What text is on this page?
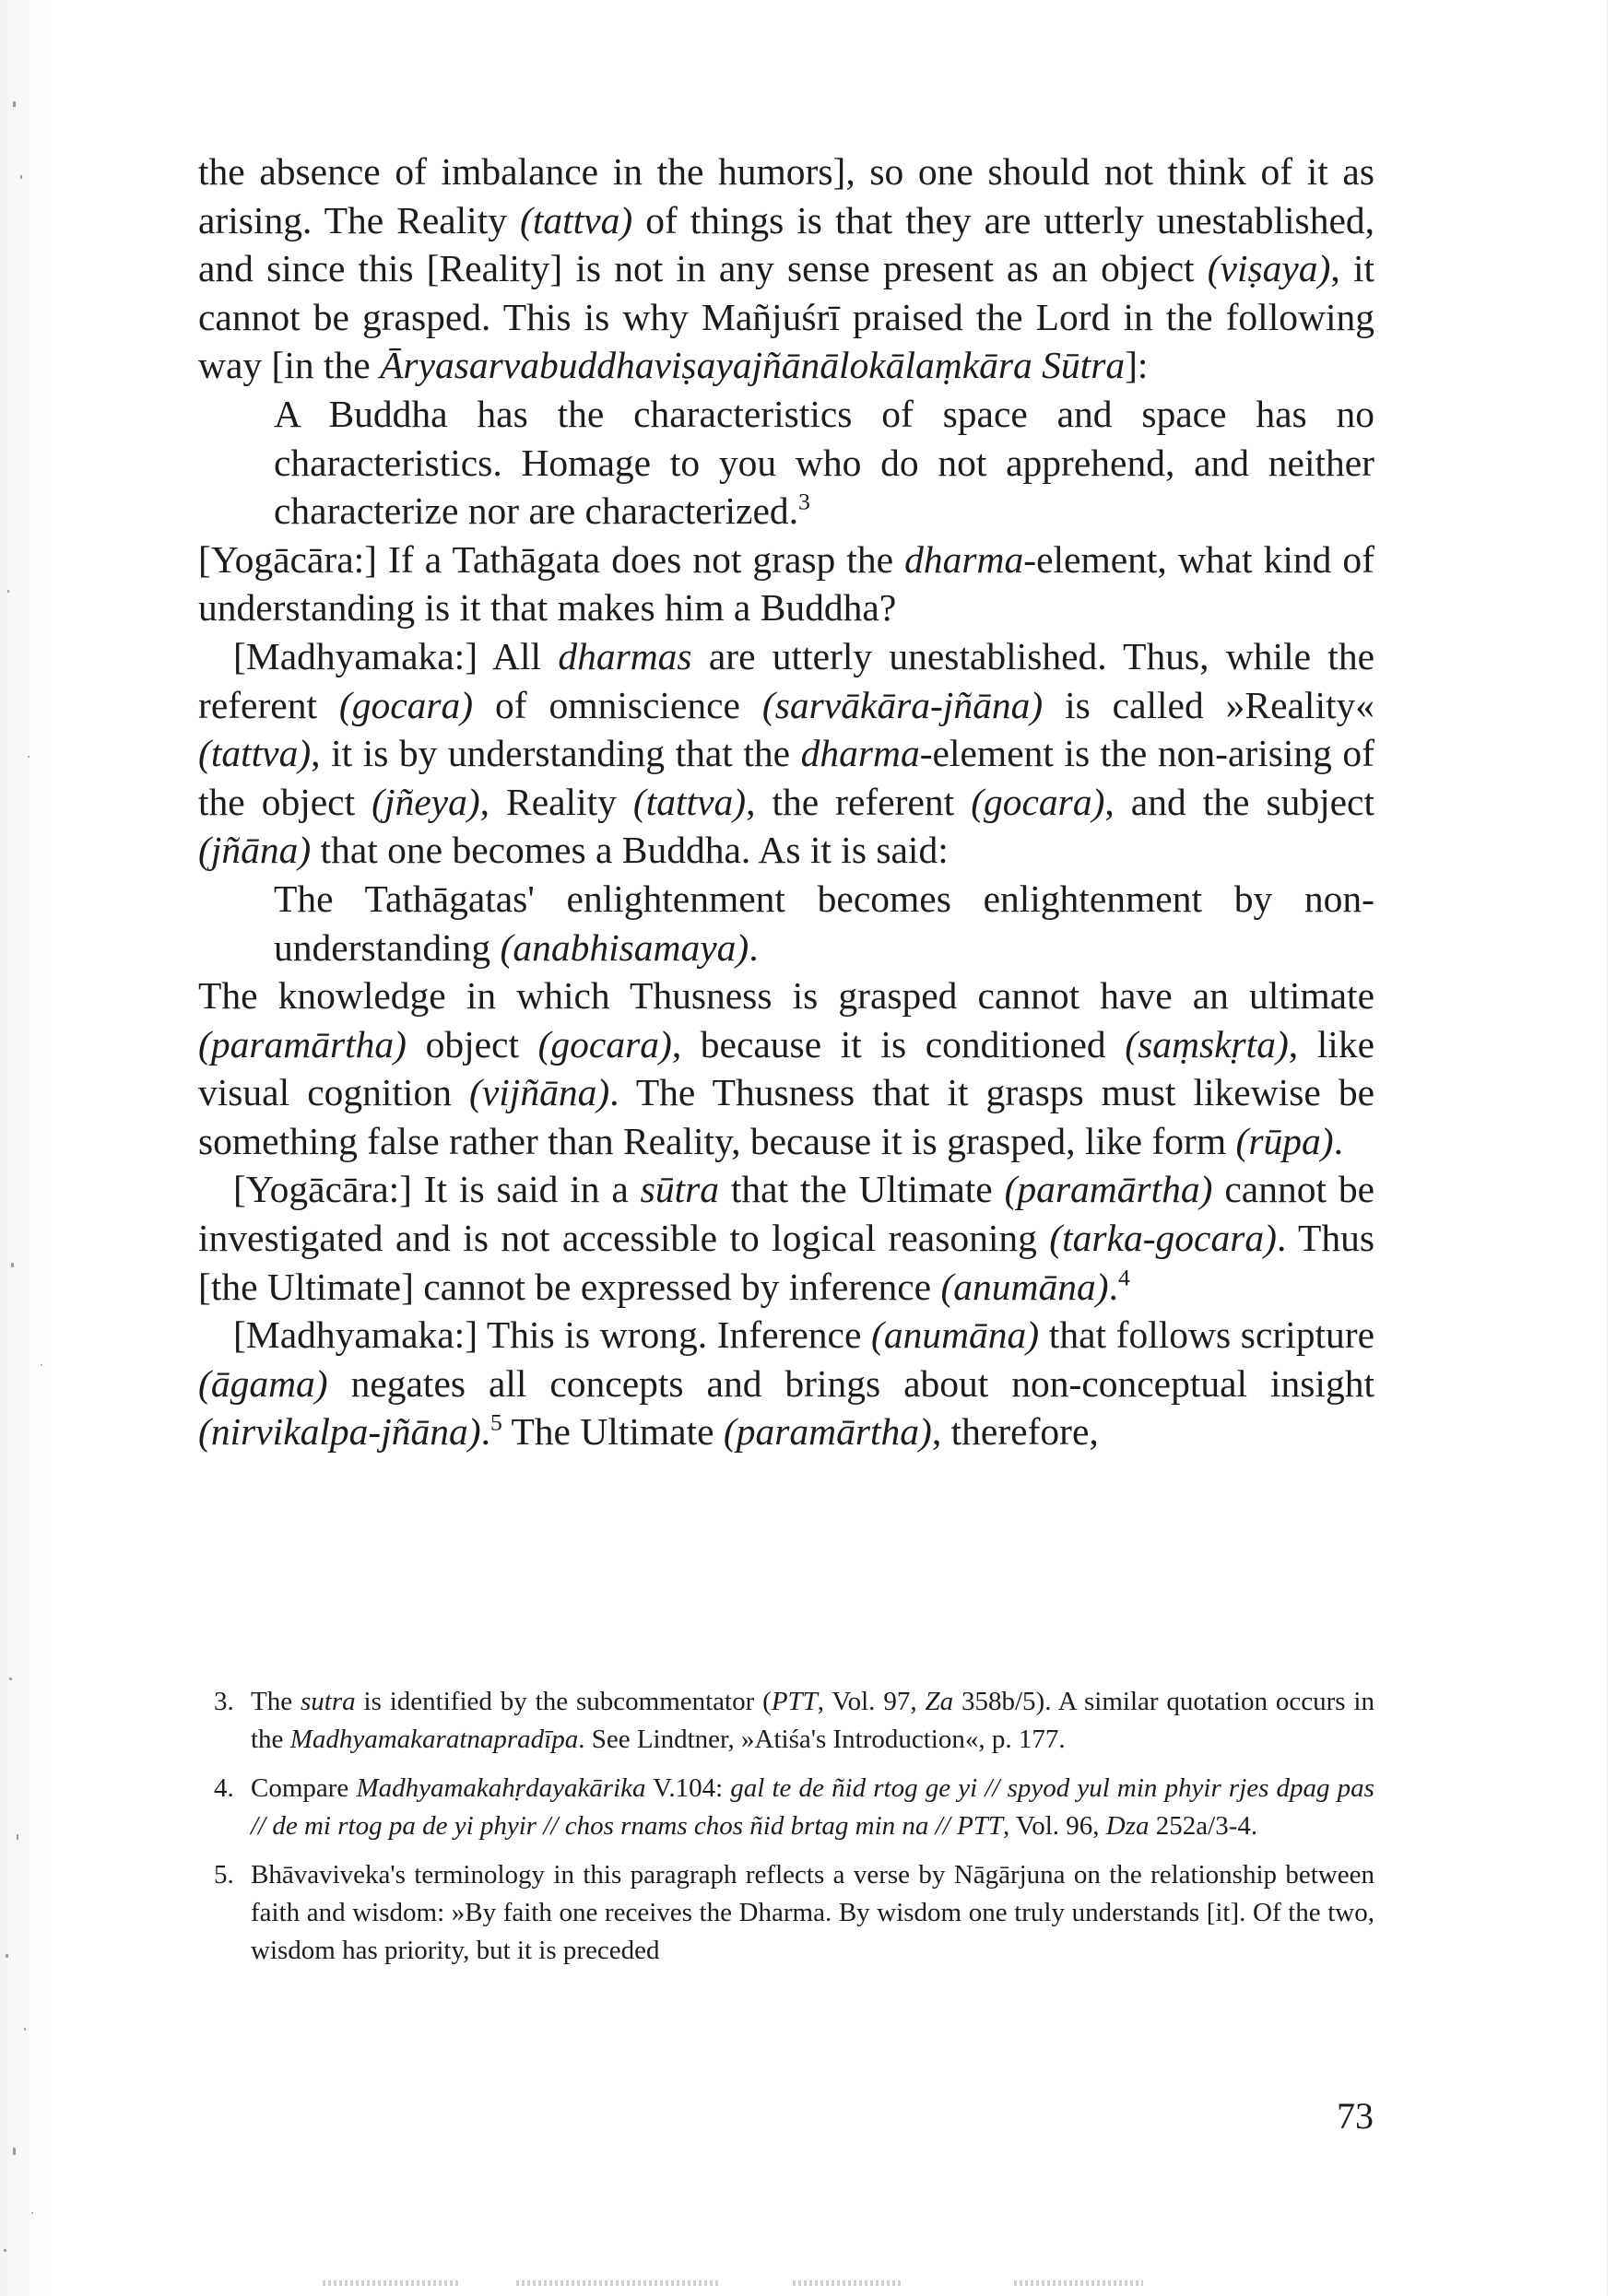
the absence of imbalance in the humors], so one should not think of it as arising. The Reality (tattva) of things is that they are utterly unestablished, and since this [Reality] is not in any sense present as an object (viṣaya), it cannot be grasped. This is why Mañjuśrī praised the Lord in the following way [in the Āryasarvabuddhaviṣayajñānālokālaṃkāra Sūtra]:

A Buddha has the characteristics of space and space has no characteristics. Homage to you who do not apprehend, and neither characterize nor are characterized.$^3$

[Yogācāra:] If a Tathāgata does not grasp the dharma-element, what kind of understanding is it that makes him a Buddha?

[Madhyamaka:] All dharmas are utterly unestablished. Thus, while the referent (gocara) of omniscience (sarvākāra-jñāna) is called »Reality« (tattva), it is by understanding that the dharma-element is the non-arising of the object (jñeya), Reality (tattva), the referent (gocara), and the subject (jñāna) that one becomes a Buddha. As it is said:

The Tathāgatas' enlightenment becomes enlightenment by non-understanding (anabhisamaya).

The knowledge in which Thusness is grasped cannot have an ultimate (paramārtha) object (gocara), because it is conditioned (saṃskṛta), like visual cognition (vijñāna). The Thusness that it grasps must likewise be something false rather than Reality, because it is grasped, like form (rūpa).

[Yogācāra:] It is said in a sūtra that the Ultimate (paramārtha) cannot be investigated and is not accessible to logical reasoning (tarka-gocara). Thus [the Ultimate] cannot be expressed by inference (anumāna).$^4$

[Madhyamaka:] This is wrong. Inference (anumāna) that follows scripture (āgama) negates all concepts and brings about non-conceptual insight (nirvikalpa-jñāna).$^5$ The Ultimate (paramārtha), therefore,

3. The sutra is identified by the subcommentator (PTT, Vol. 97, Za 358b/5). A similar quotation occurs in the Madhyamakaratnapradīpa. See Lindtner, »Atiśa's Introduction«, p. 177.
4. Compare Madhyamakahṛdayakārika V.104: gal te de ñid rtog ge yi // spyod yul min phyir rjes dpag pas // de mi rtog pa de yi phyir // chos rnams chos ñid brtag min na // PTT, Vol. 96, Dza 252a/3-4.
5. Bhāvaviveka's terminology in this paragraph reflects a verse by Nāgārjuna on the relationship between faith and wisdom: »By faith one receives the Dharma. By wisdom one truly understands [it]. Of the two, wisdom has priority, but it is preceded
73
